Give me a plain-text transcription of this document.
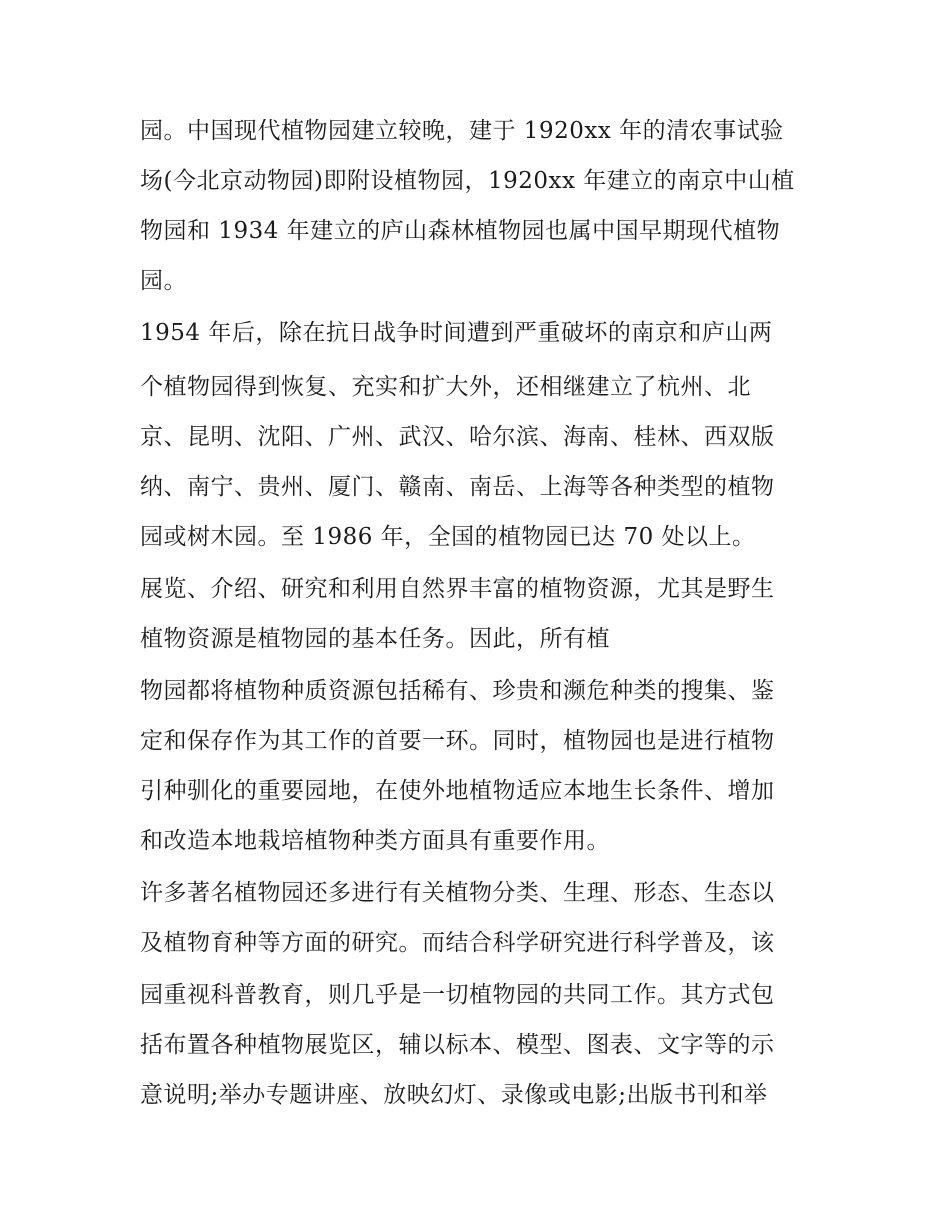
园。中国现代植物园建立较晚，建于 1920xx 年的清农事试验
场(今北京动物园)即附设植物园，1920xx 年建立的南京中山植
物园和 1934 年建立的庐山森林植物园也属中国早期现代植物
园。
1954 年后，除在抗日战争时间遭到严重破坏的南京和庐山两
个植物园得到恢复、充实和扩大外，还相继建立了杭州、北
京、昆明、沈阳、广州、武汉、哈尔滨、海南、桂林、西双版
纳、南宁、贵州、厦门、赣南、南岳、上海等各种类型的植物
园或树木园。至 1986 年，全国的植物园已达 70 处以上。
展览、介绍、研究和利用自然界丰富的植物资源，尤其是野生
植物资源是植物园的基本任务。因此，所有植
物园都将植物种质资源包括稀有、珍贵和濒危种类的搜集、鉴
定和保存作为其工作的首要一环。同时，植物园也是进行植物
引种驯化的重要园地，在使外地植物适应本地生长条件、增加
和改造本地栽培植物种类方面具有重要作用。
许多著名植物园还多进行有关植物分类、生理、形态、生态以
及植物育种等方面的研究。而结合科学研究进行科学普及，该
园重视科普教育，则几乎是一切植物园的共同工作。其方式包
括布置各种植物展览区，辅以标本、模型、图表、文字等的示
意说明;举办专题讲座、放映幻灯、录像或电影;出版书刊和举
